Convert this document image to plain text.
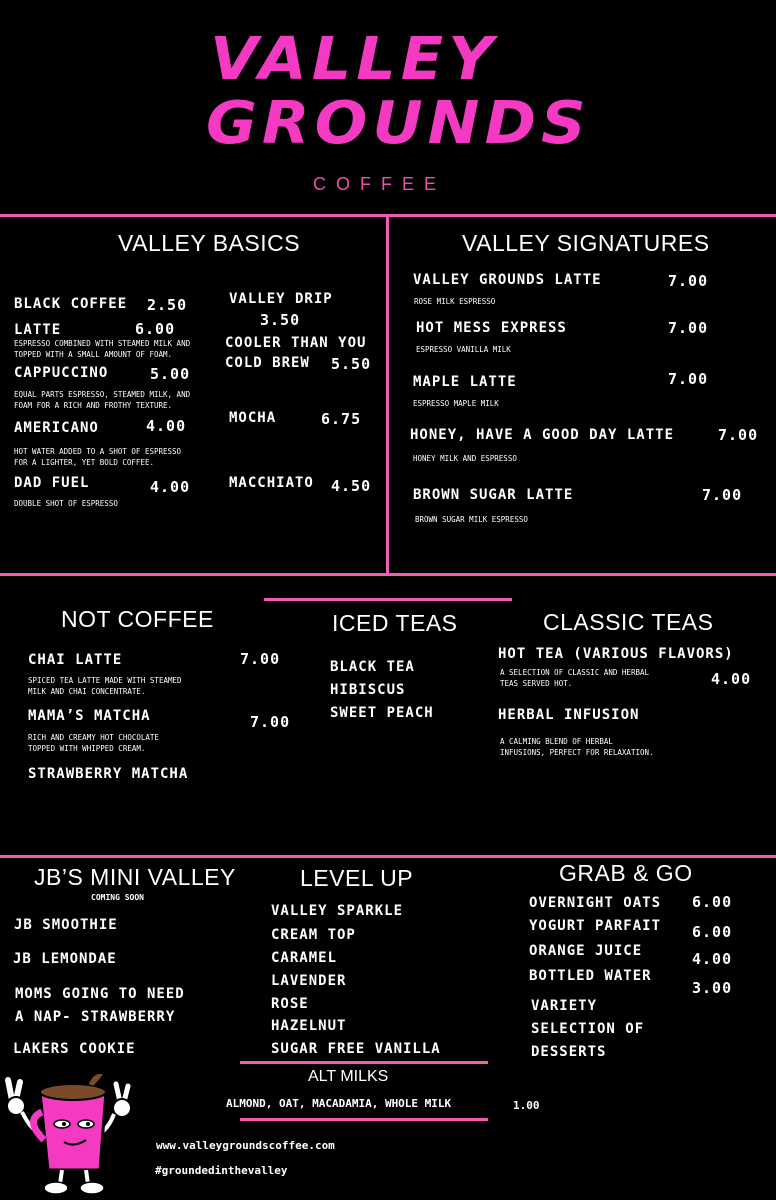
VALLEY
GROUNDS
COFFEE
VALLEY BASICS
BLACK COFFEE 2.50
LATTE	6.00
ESPRESSO COMBINED WITH STEAMED MILK AND
TOPPED WITH A SMALL AMOUNT OF FOAM.
CAPPUCCINO	5.00
EQUAL PARTS ESPRESSO, STEAMED MILK, AND
FOAM FOR A RICH AND FROTHY TEXTURE.
AMERICANO	4.00
HOT WATER ADDED TO A SHOT OF ESPRESSO
FOR A LIGHTER, YET BOLD COFFEE.
DAD FUEL	4.00
DOUBLE SHOT OF ESPRESSO
VALLEY DRIP
3.50
COOLER THAN YOU
COLD BREW 5.50
MOCHA	6.75
MACCHIATO 4.50
VALLEY SIGNATURES
VALLEY GROUNDS LATTE	7.00
ROSE MILK ESPRESSO
HOT MESS EXPRESS	7.00
ESPRESSO VANILLA MILK
MAPLE LATTE	7.00
ESPRESSO MAPLE MILK
HONEY, HAVE A GOOD DAY LATTE	7.00
HONEY MILK AND ESPRESSO
BROWN SUGAR LATTE	7.00
BROWN SUGAR MILK ESPRESSO
NOT COFFEE
CHAI LATTE	7.00
SPICED TEA LATTE MADE WITH STEAMED
MILK AND CHAI CONCENTRATE.
MAMA’S MATCHA	7.00
RICH AND CREAMY HOT CHOCOLATE
TOPPED WITH WHIPPED CREAM.
STRAWBERRY MATCHA
ICED TEAS
BLACK TEA
HIBISCUS
SWEET PEACH
CLASSIC TEAS
HOT TEA (VARIOUS FLAVORS)
A SELECTION OF CLASSIC AND HERBAL
TEAS SERVED HOT.	4.00
HERBAL INFUSION
A CALMING BLEND OF HERBAL
INFUSIONS, PERFECT FOR RELAXATION.
JB’S MINI VALLEY
COMING SOON
JB SMOOTHIE
JB LEMONDAE
MOMS GOING TO NEED
A NAP- STRAWBERRY
LAKERS COOKIE
LEVEL UP
VALLEY SPARKLE
CREAM TOP
CARAMEL
LAVENDER
ROSE
HAZELNUT
SUGAR FREE VANILLA
ALT MILKS
ALMOND, OAT, MACADAMIA, WHOLE MILK	1.00
GRAB & GO
OVERNIGHT OATS 6.00
YOGURT PARFAIT 6.00
ORANGE JUICE	4.00
BOTTLED WATER
3.00
VARIETY
SELECTION OF
DESSERTS
www.valleygroundscoffee.com
#groundedinthevalley
